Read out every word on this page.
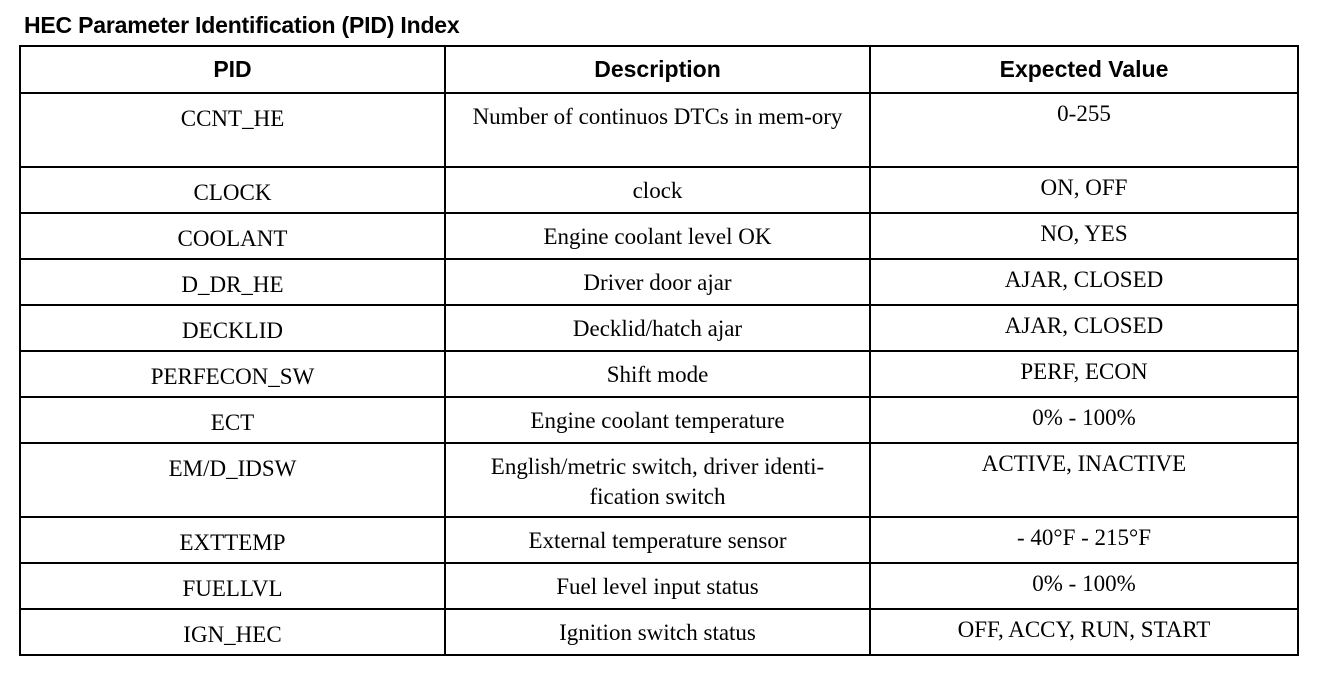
HEC Parameter Identification (PID) Index
PID	Description	Expected Value
CCNT_HE	Number of continuos DTCs in mem-ory	0-255
CLOCK	clock	ON, OFF
COOLANT	Engine coolant level OK	NO, YES
D_DR_HE	Driver door ajar	AJAR, CLOSED
DECKLID	Decklid/hatch ajar	AJAR, CLOSED
PERFECON_SW	Shift mode	PERF, ECON
ECT	Engine coolant temperature	0% - 100%
EM/D_IDSW	English/metric switch, driver identi-fication switch	ACTIVE, INACTIVE
EXTTEMP	External temperature sensor	- 40°F - 215°F
FUELLVL	Fuel level input status	0% - 100%
IGN_HEC	Ignition switch status	OFF, ACCY, RUN, START
